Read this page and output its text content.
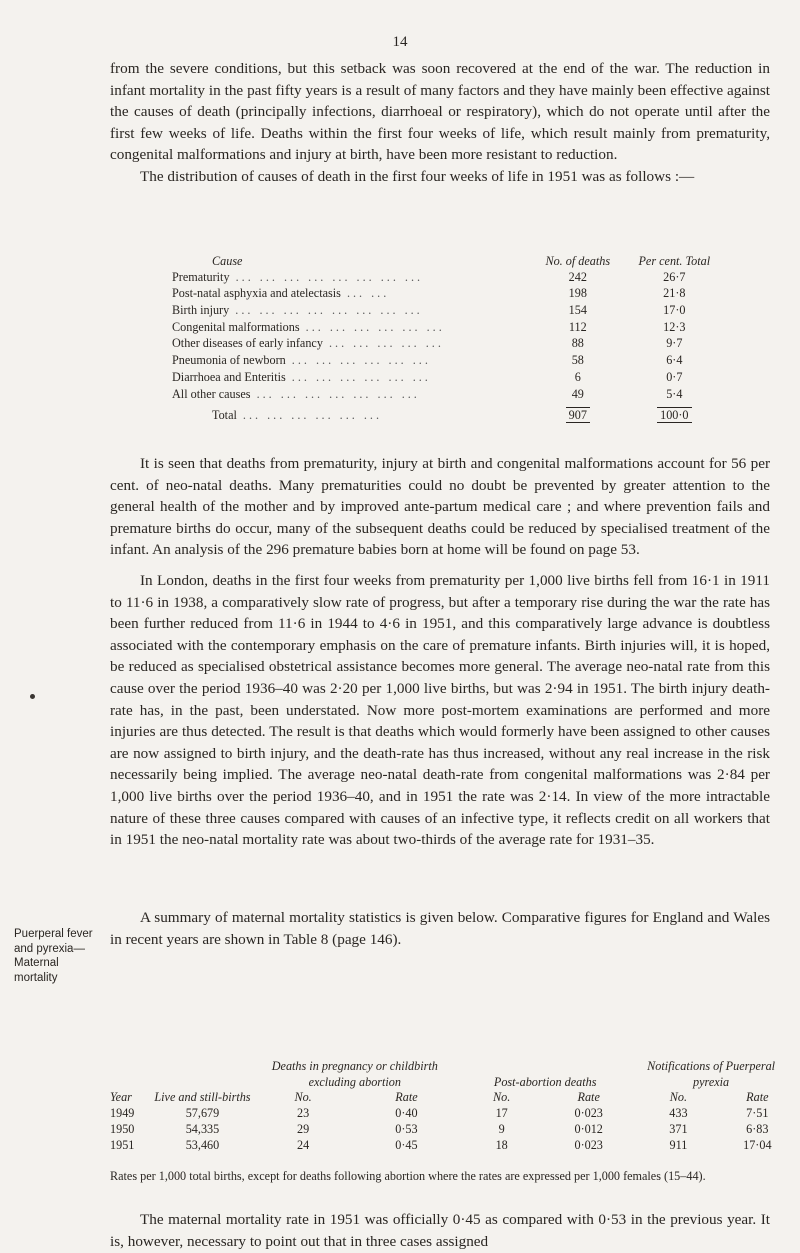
14

from the severe conditions, but this setback was soon recovered at the end of the war. The reduction in infant mortality in the past fifty years is a result of many factors and they have mainly been effective against the causes of death (principally infections, diarrhoeal or respiratory), which do not operate until after the first few weeks of life. Deaths within the first four weeks of life, which result mainly from prematurity, congenital malformations and injury at birth, have been more resistant to reduction.

The distribution of causes of death in the first four weeks of life in 1951 was as follows :—

Cause	No. of deaths	Per cent. Total
Prematurity ... ... ... ... ... ... ... ...	242	26·7
Post-natal asphyxia and atelectasis ... ...	198	21·8
Birth injury ... ... ... ... ... ... ... ...	154	17·0
Congenital malformations ... ... ... ... ... ...	112	12·3
Other diseases of early infancy ... ... ... ... ...	88	9·7
Pneumonia of newborn ... ... ... ... ... ...	58	6·4
Diarrhoea and Enteritis ... ... ... ... ... ...	6	0·7
All other causes ... ... ... ... ... ... ...	49	5·4
Total ... ... ... ... ... ...	907	100·0

It is seen that deaths from prematurity, injury at birth and congenital malformations account for 56 per cent. of neo-natal deaths. Many prematurities could no doubt be prevented by greater attention to the general health of the mother and by improved ante-partum medical care ; and where prevention fails and premature births do occur, many of the subsequent deaths could be reduced by specialised treatment of the infant. An analysis of the 296 premature babies born at home will be found on page 53.

In London, deaths in the first four weeks from prematurity per 1,000 live births fell from 16·1 in 1911 to 11·6 in 1938, a comparatively slow rate of progress, but after a temporary rise during the war the rate has been further reduced from 11·6 in 1944 to 4·6 in 1951, and this comparatively large advance is doubtless associated with the contemporary emphasis on the care of premature infants. Birth injuries will, it is hoped, be reduced as specialised obstetrical assistance becomes more general. The average neo-natal rate from this cause over the period 1936–40 was 2·20 per 1,000 live births, but was 2·94 in 1951. The birth injury death-rate has, in the past, been understated. Now more post-mortem examinations are performed and more injuries are thus detected. The result is that deaths which would formerly have been assigned to other causes are now assigned to birth injury, and the death-rate has thus increased, without any real increase in the risk necessarily being implied. The average neo-natal death-rate from congenital malformations was 2·84 per 1,000 live births over the period 1936–40, and in 1951 the rate was 2·14. In view of the more intractable nature of these three causes compared with causes of an infective type, it reflects credit on all workers that in 1951 the neo-natal mortality rate was about two-thirds of the average rate for 1931–35.

Puerperal fever and pyrexia— Maternal mortality

A summary of maternal mortality statistics is given below. Comparative figures for England and Wales in recent years are shown in Table 8 (page 146).

Year	Live and still-births	Deaths in pregnancy or childbirth excluding abortion		Post-abortion deaths		Notifications of Puerperal pyrexia	
		No.	Rate	No.	Rate	No.	Rate
1949	57,679	23	0·40	17	0·023	433	7·51
1950	54,335	29	0·53	9	0·012	371	6·83
1951	53,460	24	0·45	18	0·023	911	17·04
Rates per 1,000 total births, except for deaths following abortion where the rates are expressed per 1,000 females (15–44).

The maternal mortality rate in 1951 was officially 0·45 as compared with 0·53 in the previous year. It is, however, necessary to point out that in three cases assigned
